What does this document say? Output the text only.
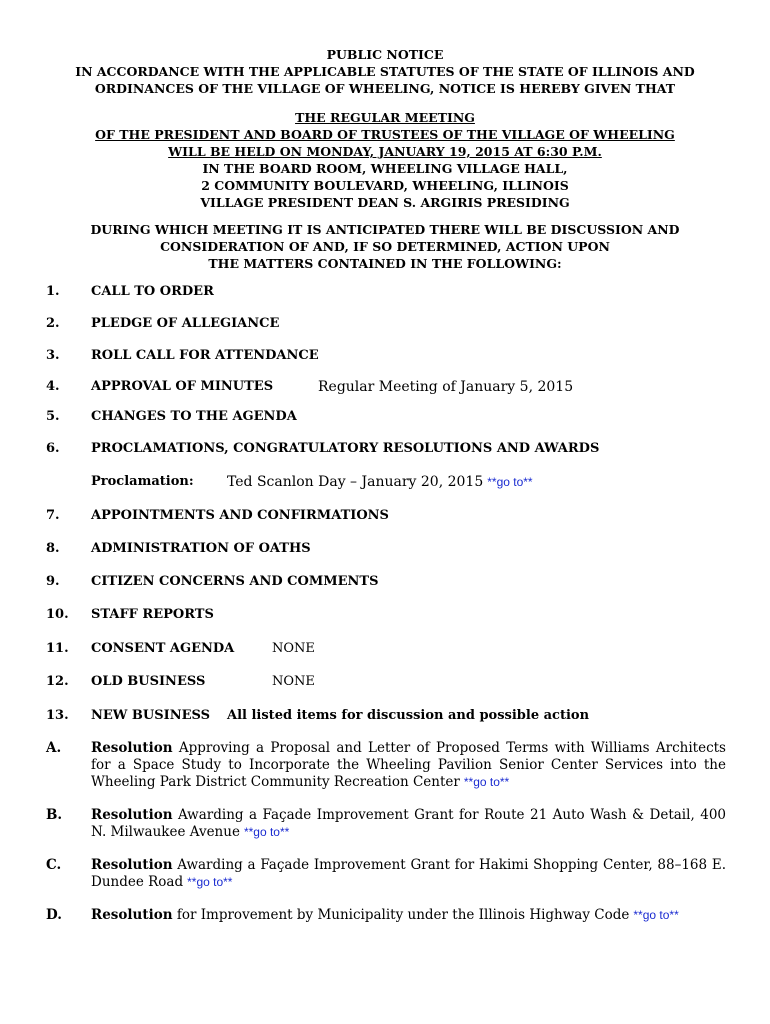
PUBLIC NOTICE
IN ACCORDANCE WITH THE APPLICABLE STATUTES OF THE STATE OF ILLINOIS AND
ORDINANCES OF THE VILLAGE OF WHEELING, NOTICE IS HEREBY GIVEN THAT
THE REGULAR MEETING
OF THE PRESIDENT AND BOARD OF TRUSTEES OF THE VILLAGE OF WHEELING
WILL BE HELD ON MONDAY, JANUARY 19, 2015 AT 6:30 P.M.
IN THE BOARD ROOM, WHEELING VILLAGE HALL,
2 COMMUNITY BOULEVARD, WHEELING, ILLINOIS
VILLAGE PRESIDENT DEAN S. ARGIRIS PRESIDING
DURING WHICH MEETING IT IS ANTICIPATED THERE WILL BE DISCUSSION AND
CONSIDERATION OF AND, IF SO DETERMINED, ACTION UPON
THE MATTERS CONTAINED IN THE FOLLOWING:
1. CALL TO ORDER
2. PLEDGE OF ALLEGIANCE
3. ROLL CALL FOR ATTENDANCE
4. APPROVAL OF MINUTES	Regular Meeting of January 5, 2015
5. CHANGES TO THE AGENDA
6. PROCLAMATIONS, CONGRATULATORY RESOLUTIONS AND AWARDS
Proclamation: Ted Scanlon Day – January 20, 2015 **go to**
7. APPOINTMENTS AND CONFIRMATIONS
8. ADMINISTRATION OF OATHS
9. CITIZEN CONCERNS AND COMMENTS
10. STAFF REPORTS
11. CONSENT AGENDA	NONE
12. OLD BUSINESS	NONE
13. NEW BUSINESS All listed items for discussion and possible action
A. Resolution Approving a Proposal and Letter of Proposed Terms with Williams Architects for a Space Study to Incorporate the Wheeling Pavilion Senior Center Services into the Wheeling Park District Community Recreation Center **go to**
B. Resolution Awarding a Façade Improvement Grant for Route 21 Auto Wash & Detail, 400 N. Milwaukee Avenue **go to**
C. Resolution Awarding a Façade Improvement Grant for Hakimi Shopping Center, 88–168 E. Dundee Road **go to**
D. Resolution for Improvement by Municipality under the Illinois Highway Code **go to**
